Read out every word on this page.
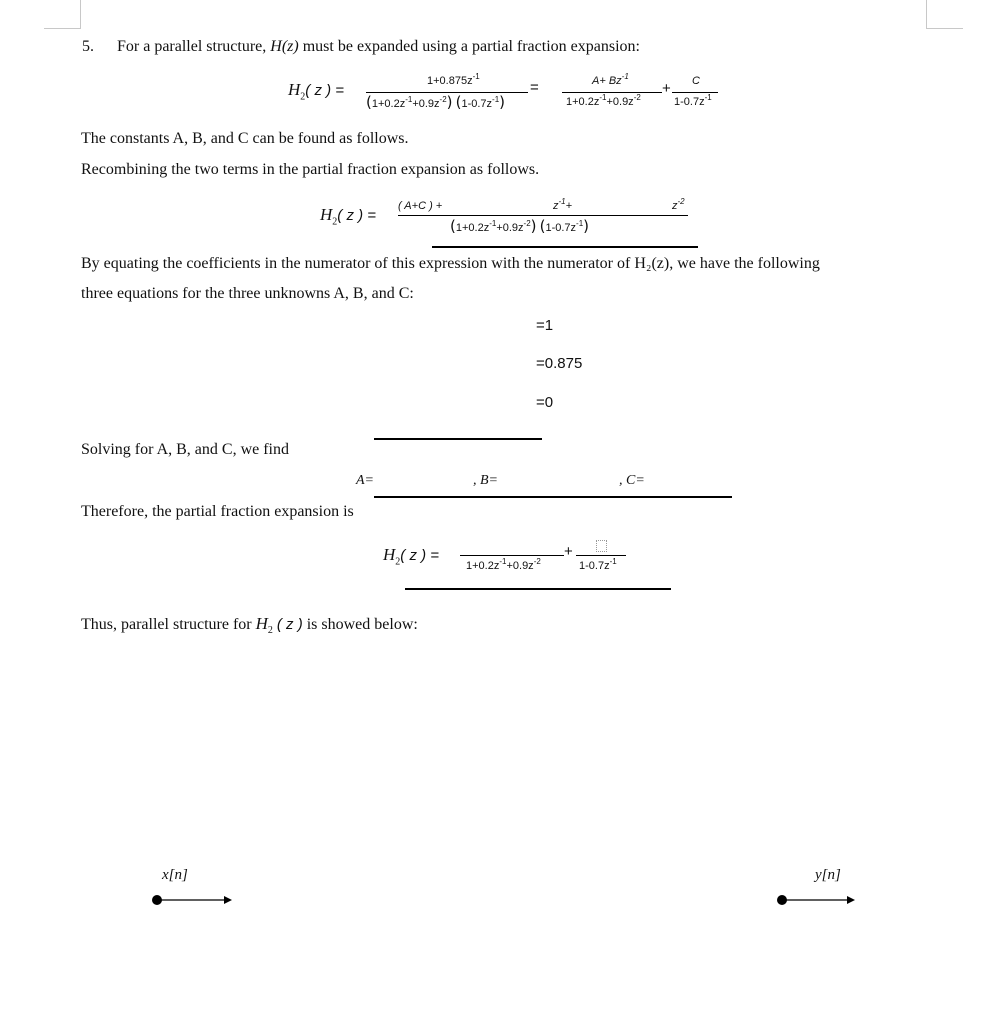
5. For a parallel structure, H(z) must be expanded using a partial fraction expansion:
$H_2$( z ) =
$1+0.875z^{-1}$
$(1+0.2z^{-1}+0.9z^{-2})$ $(1-0.7z^{-1})$
=	$A+ Bz^{-1}$
$1+0.2z^{-1}+0.9z^{-2}$
+ C
$1-0.7z^{-1}$
The constants A, B, and C can be found as follows.
Recombining the two terms in the partial fraction expansion as follows.
$H_2$( z ) =
( A+C ) +	$z^{-1}+$	$z^{-2}$
$(1+0.2z^{-1}+0.9z^{-2})$ $(1-0.7z^{-1})$
By equating the coefficients in the numerator of this expression with the numerator of H₂(z), we have the following
three equations for the three unknowns A, B, and C:
=1
=0.875
=0
Solving for A, B, and C, we find
A=	, B=	, C=
Therefore, the partial fraction expansion is
$H_2$( z ) =
$1+0.2z^{-1}+0.9z^{-2}$
+
$1-0.7z^{-1}$
Thus, parallel structure for $H_2$ ( z ) is showed below:
x[n]	y[n]
